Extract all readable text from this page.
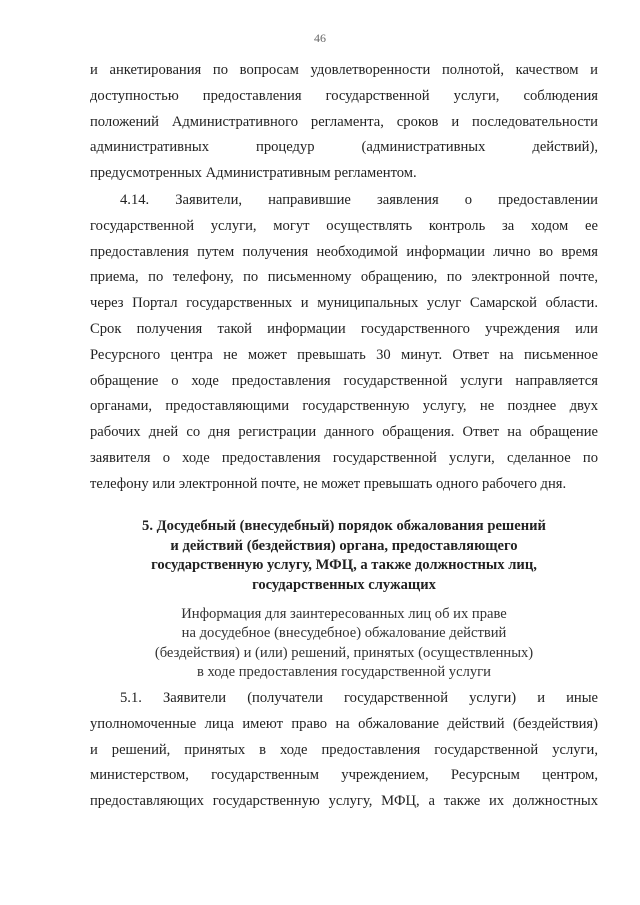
46
и анкетирования по вопросам удовлетворенности полнотой, качеством и
доступностью предоставления государственной услуги, соблюдения
положений Административного регламента, сроков и последовательности
административных процедур (административных действий),
предусмотренных Административным регламентом.
4.14. Заявители, направившие заявления о предоставлении
государственной услуги, могут осуществлять контроль за ходом ее
предоставления путем получения необходимой информации лично во время
приема, по телефону, по письменному обращению, по электронной почте,
через Портал государственных и муниципальных услуг Самарской области.
Срок получения такой информации государственного учреждения или
Ресурсного центра не может превышать 30 минут. Ответ на письменное
обращение о ходе предоставления государственной услуги направляется
органами, предоставляющими государственную услугу, не позднее двух
рабочих дней со дня регистрации данного обращения. Ответ на обращение
заявителя о ходе предоставления государственной услуги, сделанное по
телефону или электронной почте, не может превышать одного рабочего дня.
5. Досудебный (внесудебный) порядок обжалования решений
и действий (бездействия) органа, предоставляющего
государственную услугу, МФЦ, а также должностных лиц,
государственных служащих
Информация для заинтересованных лиц об их праве
на досудебное (внесудебное) обжалование действий
(бездействия) и (или) решений, принятых (осуществленных)
в ходе предоставления государственной услуги
5.1. Заявители (получатели государственной услуги) и иные
уполномоченные лица имеют право на обжалование действий (бездействия)
и решений, принятых в ходе предоставления государственной услуги,
министерством, государственным учреждением, Ресурсным центром,
предоставляющих государственную услугу, МФЦ, а также их должностных
